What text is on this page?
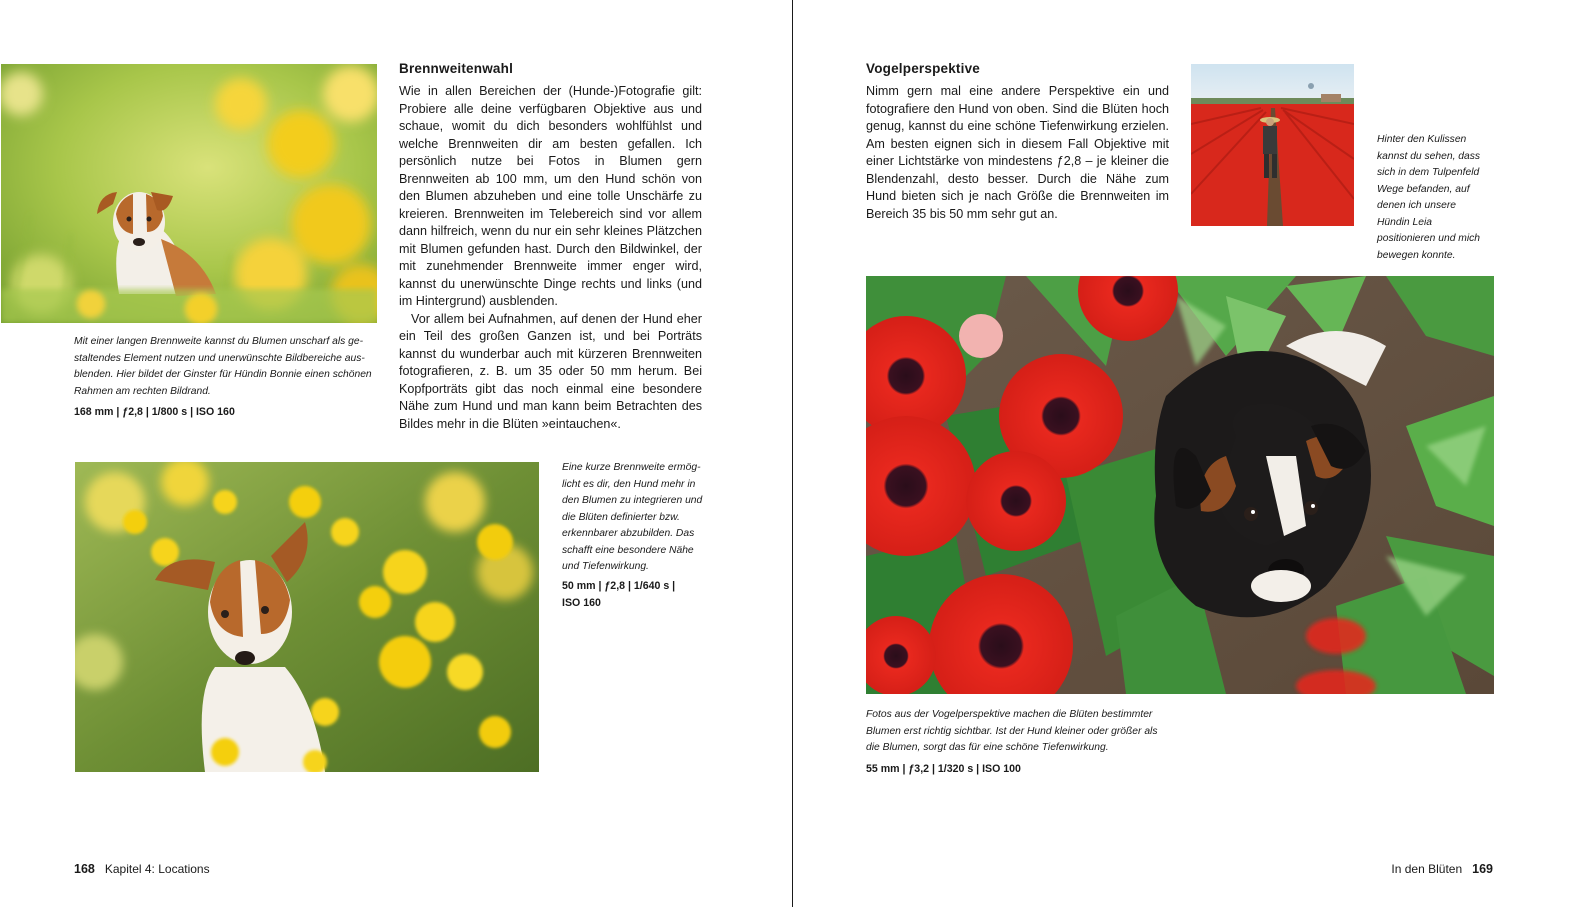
Mit einer langen Brennweite kannst du Blumen unscharf als gestaltendes Element nutzen und unerwünschte Bildbereiche ausblenden. Hier bildet der Ginster für Hündin Bonnie einen schönen Rahmen am rechten Bildrand.

168 mm | ƒ2,8 | 1/800 s | ISO 160

Brennweitenwahl

Wie in allen Bereichen der (Hunde-)Fotografie gilt: Probiere alle deine verfügbaren Objektive aus und schaue, womit du dich besonders wohlfühlst und welche Brennweiten dir am besten gefallen. Ich persönlich nutze bei Fotos in Blumen gern Brennweiten ab 100 mm, um den Hund schön von den Blumen abzuheben und eine tolle Unschärfe zu kreieren. Brennweiten im Telebereich sind vor allem dann hilfreich, wenn du nur ein sehr kleines Plätzchen mit Blumen gefunden hast. Durch den Bildwinkel, der mit zunehmender Brennweite immer enger wird, kannst du unerwünschte Dinge rechts und links (und im Hintergrund) ausblenden.

Vor allem bei Aufnahmen, auf denen der Hund eher ein Teil des großen Ganzen ist, und bei Porträts kannst du wunderbar auch mit kürzeren Brennweiten fotografieren, z. B. um 35 oder 50 mm herum. Bei Kopfporträts gibt das noch einmal eine besondere Nähe zum Hund und man kann beim Betrachten des Bildes mehr in die Blüten »eintauchen«.

Eine kurze Brennweite ermöglicht es dir, den Hund mehr in den Blumen zu integrieren und die Blüten definierter bzw. erkennbarer abzubilden. Das schafft eine besondere Nähe und Tiefenwirkung.

50 mm | ƒ2,8 | 1/640 s |

ISO 160

168 Kapitel 4: Locations
Vogelperspektive

Nimm gern mal eine andere Perspektive ein und fotografiere den Hund von oben. Sind die Blüten hoch genug, kannst du eine schöne Tiefenwirkung erzielen. Am besten eignen sich in diesem Fall Objektive mit einer Lichtstärke von mindestens ƒ2,8 – je kleiner die Blendenzahl, desto besser. Durch die Nähe zum Hund bieten sich je nach Größe die Brennweiten im Bereich 35 bis 50 mm sehr gut an.

Hinter den Kulissen kannst du sehen, dass sich in dem Tulpenfeld Wege befanden, auf denen ich unsere Hündin Leia positionieren und mich bewegen konnte.

Fotos aus der Vogelperspektive machen die Blüten bestimmter Blumen erst richtig sichtbar. Ist der Hund kleiner oder größer als die Blumen, sorgt das für eine schöne Tiefenwirkung.

55 mm | ƒ3,2 | 1/320 s | ISO 100

In den Blüten 169
